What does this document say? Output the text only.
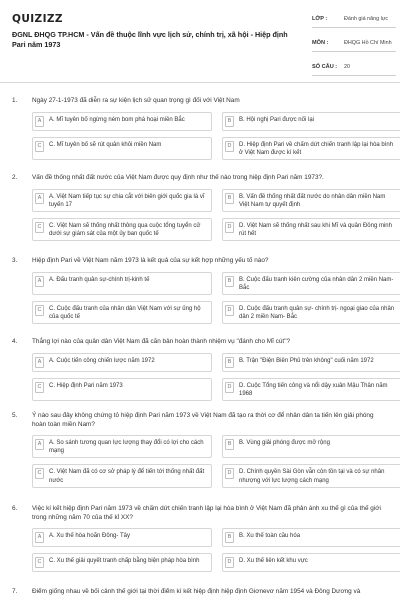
QUIZIZZ
ĐGNL ĐHQG TP.HCM - Vấn đề thuộc lĩnh vực lịch sử, chính trị, xã hội - Hiệp định Pari năm 1973
LỚP :	Đánh giá năng lực
MÔN :	ĐHQG Hồ Chí Minh
SỐ CÂU :	20
1. Ngày 27-1-1973 đã diễn ra sự kiện lịch sử quan trọng gì đối với Việt Nam
A	A. Mĩ tuyên bố ngừng ném bom phá hoại miền Bắc	B	B. Hội nghị Pari được nối lại
C	C. Mĩ tuyên bố sẽ rút quân khỏi miền Nam	D	D. Hiệp định Pari về chấm dứt chiến tranh lập lại hòa bình ở Việt Nam được kí kết
2. Vấn đề thống nhất đất nước của Việt Nam được quy định như thế nào trong hiệp định Pari năm 1973?.
A	A. Việt Nam tiếp tục sự chia cắt với biên giới quốc gia là vĩ tuyến 17
B	B. Vấn đề thống nhất đất nước do nhân dân miền Nam Việt Nam tự quyết định
C	C. Việt Nam sẽ thống nhất thông qua cuộc tổng tuyển cử dưới sự giám sát của một ủy ban quốc tế
D	D. Việt Nam sẽ thống nhất sau khi Mĩ và quân Đồng minh rút hết
3. Hiệp định Pari về Việt Nam năm 1973 là kết quả của sự kết hợp những yếu tố nào?
A	A. Đấu tranh quân sự-chính trị-kinh tế	B	B. Cuộc đấu tranh kiên cường của nhân dân 2 miền Nam- Bắc
C	C. Cuộc đấu tranh của nhân dân Việt Nam với sự ủng hộ của quốc tế
D	D. Cuộc đấu tranh quân sự- chính trị- ngoại giao của nhân dân 2 miền Nam- Bắc
4. Thắng lợi nào của quân dân Việt Nam đã căn bản hoàn thành nhiệm vụ "đánh cho Mĩ cút"?
A	A. Cuộc tiến công chiến lược năm 1972	B	B. Trận "Điện Biên Phủ trên không" cuối năm 1972
C	C. Hiệp định Pari năm 1973	D	D. Cuộc Tổng tiến công và nổi dậy xuân Mậu Thân năm 1968
5. Ý nào sau đây không chứng tỏ hiệp định Pari năm 1973 về Việt Nam đã tạo ra thời cơ để nhân dân ta tiến lên giải phóng hoàn toàn miền Nam?
A	A. So sánh tương quan lực lượng thay đổi có lợi cho cách mạng
B	B. Vùng giải phóng được mở rộng
C	C. Việt Nam đã có cơ sở pháp lý để tiến tới thống nhất đất nước
D	D. Chính quyền Sài Gòn vẫn còn tồn tại và có sự nhân nhượng với lực lượng cách mạng
6. Việc kí kết hiệp định Pari năm 1973 về chấm dứt chiến tranh lập lại hòa bình ở Việt Nam đã phản ánh xu thế gì của thế giới trong những năm 70 của thế kỉ XX?
A	A. Xu thế hòa hoãn Đông- Tây	B	B. Xu thế toàn cầu hóa
C	C. Xu thế giải quyết tranh chấp bằng biện pháp hòa bình	D	D. Xu thế liên kết khu vực
7. Điểm giống nhau về bối cảnh thế giới tại thời điểm kí kết hiệp định hiệp định Giơnevơ năm 1954 và Đông Dương và
